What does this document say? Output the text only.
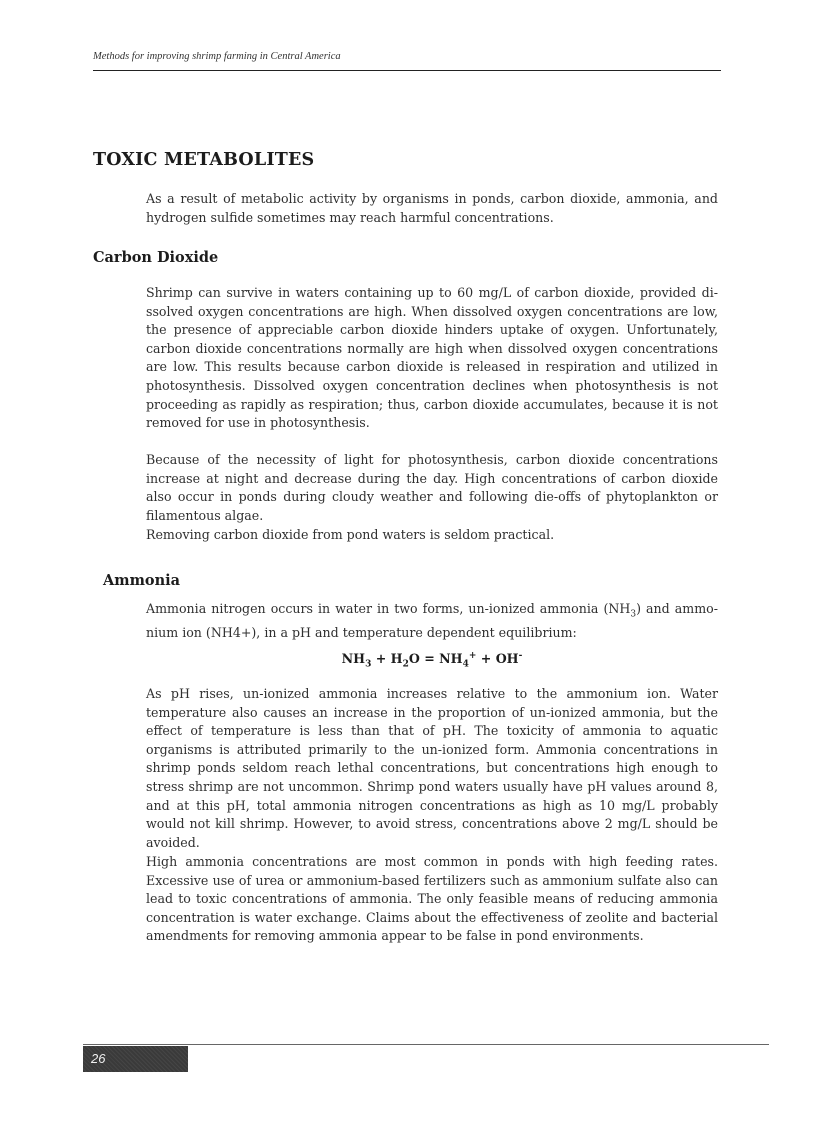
Methods for improving shrimp farming in Central America
TOXIC METABOLITES

As a result of metabolic activity by organisms in ponds, carbon dioxide, ammonia, and hydrogen sulfide sometimes may reach harmful concentrations.

Carbon Dioxide

Shrimp can survive in waters containing up to 60 mg/L of carbon dioxide, provided dissolved oxygen concentrations are high. When dissolved oxygen concentrations are low, the presence of appreciable carbon dioxide hinders uptake of oxygen. Unfortunately, carbon dioxide concentrations normally are high when dissolved oxygen concentrations are low. This results because carbon dioxide is released in respiration and utilized in photosynthesis. Dissolved oxygen concentration declines when photosynthesis is not proceeding as rapidly as respiration; thus, carbon dioxide accumulates, because it is not removed for use in photosynthesis.

Because of the necessity of light for photosynthesis, carbon dioxide concentrations increase at night and decrease during the day. High concentrations of carbon dioxide also occur in ponds during cloudy weather and following die-offs of phytoplankton or filamentous algae.

Removing carbon dioxide from pond waters is seldom practical.

Ammonia

Ammonia nitrogen occurs in water in two forms, un-ionized ammonia $(NH_3)$ and ammonium ion (NH4+), in a pH and temperature dependent equilibrium:

$NH_3 + H_2O = NH_4^+ + OH^-$

As pH rises, un-ionized ammonia increases relative to the ammonium ion. Water temperature also causes an increase in the proportion of un-ionized ammonia, but the effect of temperature is less than that of pH. The toxicity of ammonia to aquatic organisms is attributed primarily to the un-ionized form. Ammonia concentrations in shrimp ponds seldom reach lethal concentrations, but concentrations high enough to stress shrimp are not uncommon. Shrimp pond waters usually have pH values around 8, and at this pH, total ammonia nitrogen concentrations as high as 10 mg/L probably would not kill shrimp. However, to avoid stress, concentrations above 2 mg/L should be avoided.

High ammonia concentrations are most common in ponds with high feeding rates. Excessive use of urea or ammonium-based fertilizers such as ammonium sulfate also can lead to toxic concentrations of ammonia. The only feasible means of reducing ammonia concentration is water exchange. Claims about the effectiveness of zeolite and bacterial amendments for removing ammonia appear to be false in pond environments.

26
